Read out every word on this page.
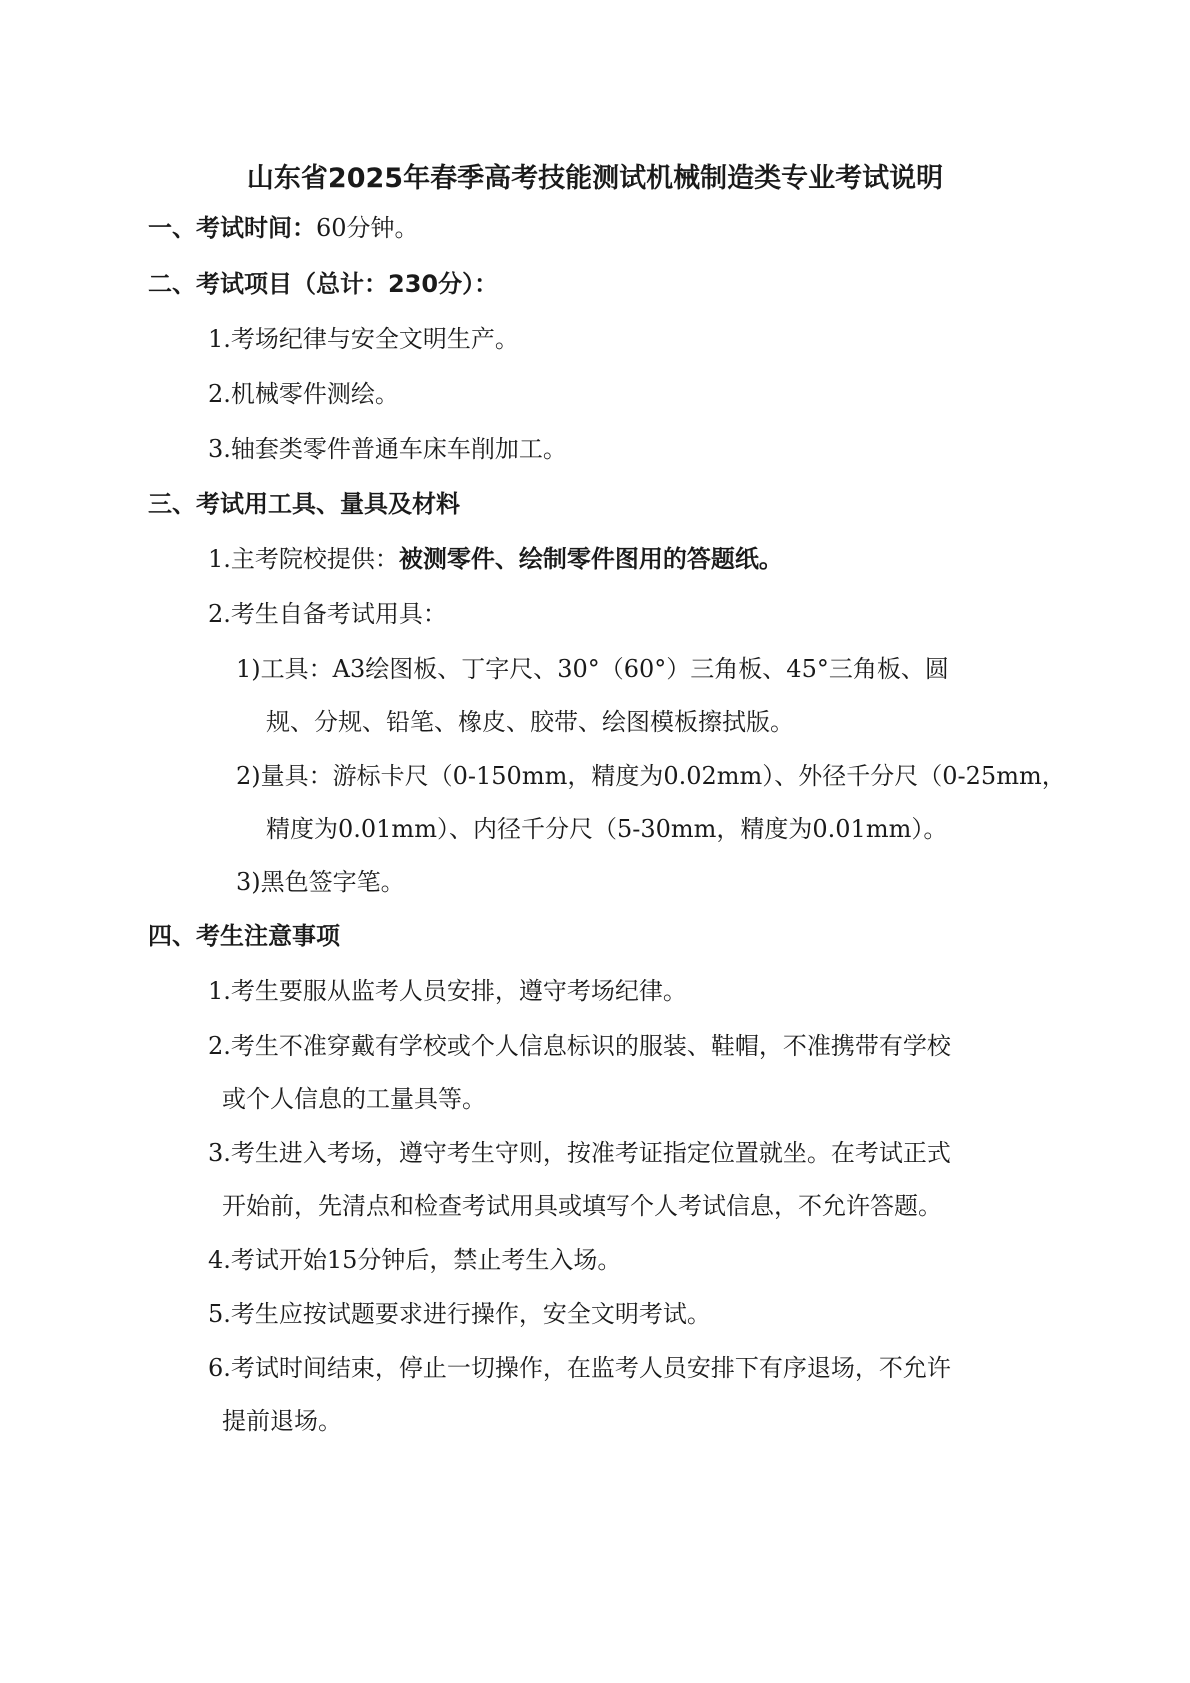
山东省2025年春季高考技能测试机械制造类专业考试说明
一、考试时间：60分钟。
二、考试项目（总计：230分）：
1.考场纪律与安全文明生产。
2.机械零件测绘。
3.轴套类零件普通车床车削加工。
三、考试用工具、量具及材料
1.主考院校提供：被测零件、绘制零件图用的答题纸。
2.考生自备考试用具：
1)工具：A3绘图板、丁字尺、30°（60°）三角板、45°三角板、圆
规、分规、铅笔、橡皮、胶带、绘图模板擦拭版。
2)量具：游标卡尺（0-150mm，精度为0.02mm）、外径千分尺（0-25mm，
精度为0.01mm）、内径千分尺（5-30mm，精度为0.01mm）。
3)黑色签字笔。
四、考生注意事项
1.考生要服从监考人员安排，遵守考场纪律。
2.考生不准穿戴有学校或个人信息标识的服装、鞋帽，不准携带有学校
或个人信息的工量具等。
3.考生进入考场，遵守考生守则，按准考证指定位置就坐。在考试正式
开始前，先清点和检查考试用具或填写个人考试信息，不允许答题。
4.考试开始15分钟后，禁止考生入场。
5.考生应按试题要求进行操作，安全文明考试。
6.考试时间结束，停止一切操作，在监考人员安排下有序退场，不允许
提前退场。
